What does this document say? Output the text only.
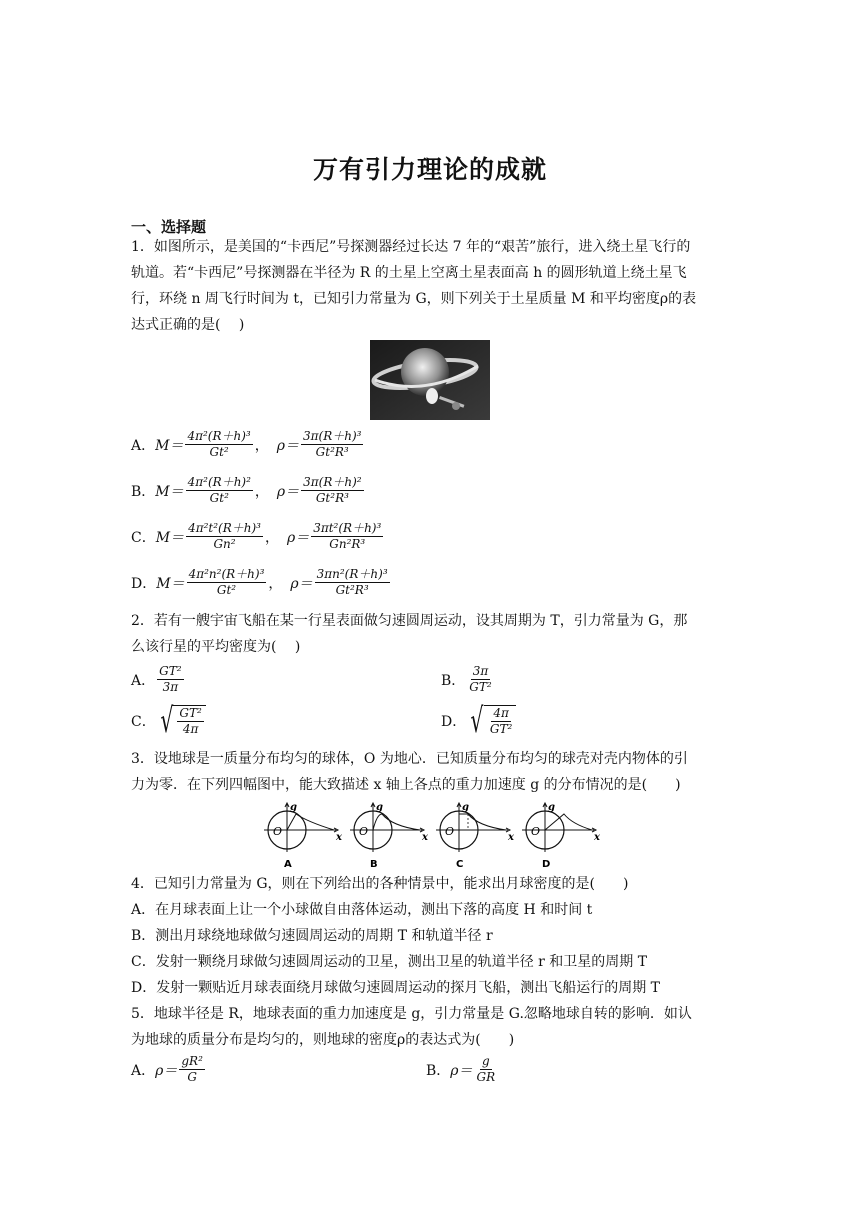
万有引力理论的成就
一、选择题
1．如图所示，是美国的“卡西尼”号探测器经过长达 7 年的“艰苦”旅行，进入绕土星飞行的
轨道。若“卡西尼”号探测器在半径为 R 的土星上空离土星表面高 h 的圆形轨道上绕土星飞
行，环绕 n 周飞行时间为 t，已知引力常量为 G，则下列关于土星质量 M 和平均密度ρ的表
达式正确的是(　 )
A． $M= \frac{\text{4π²(R＋h)³}}{\text{Gt²}}$ ， $\rho= \frac{\text{3π(R＋h)³}}{\text{Gt²R³}}$
B． $M= \frac{\text{4π²(R＋h)²}}{\text{Gt²}}$ ， $\rho= \frac{\text{3π(R＋h)²}}{\text{Gt²R³}}$
C． $M= \frac{\text{4π²t²(R＋h)³}}{\text{Gn²}}$ ， $\rho= \frac{\text{3πt²(R＋h)³}}{\text{Gn²R³}}$
D． $M= \frac{\text{4π²n²(R＋h)³}}{\text{Gt²}}$ ， $\rho= \frac{\text{3πn²(R＋h)³}}{\text{Gt²R³}}$
2．若有一艘宇宙飞船在某一行星表面做匀速圆周运动，设其周期为 T，引力常量为 G，那
么该行星的平均密度为(　 )
A． $\frac{\text{GT²}}{3\pi}$	B． $\frac{3\pi}{\text{GT²}}$
C． √ $\frac{\text{GT²}}{4\pi}$	D． √ $\frac{4\pi}{\text{GT²}}$
3．设地球是一质量分布均匀的球体，O 为地心．已知质量分布均匀的球壳对壳内物体的引
力为零．在下列四幅图中，能大致描述 x 轴上各点的重力加速度 g 的分布情况的是(　　)
g
x
O
A
g
x
O
B
g
x
O
C
g
x
O
D
4．已知引力常量为 G，则在下列给出的各种情景中，能求出月球密度的是(　　)
A．在月球表面上让一个小球做自由落体运动，测出下落的高度 H 和时间 t
B．测出月球绕地球做匀速圆周运动的周期 T 和轨道半径 r
C．发射一颗绕月球做匀速圆周运动的卫星，测出卫星的轨道半径 r 和卫星的周期 T
D．发射一颗贴近月球表面绕月球做匀速圆周运动的探月飞船，测出飞船运行的周期 T
5．地球半径是 R，地球表面的重力加速度是 g，引力常量是 G.忽略地球自转的影响．如认
为地球的质量分布是均匀的，则地球的密度ρ的表达式为(　　)
A． $\rho= \frac{\text{gR²}}{G}$	B． $\rho= \frac{g}{GR}$
